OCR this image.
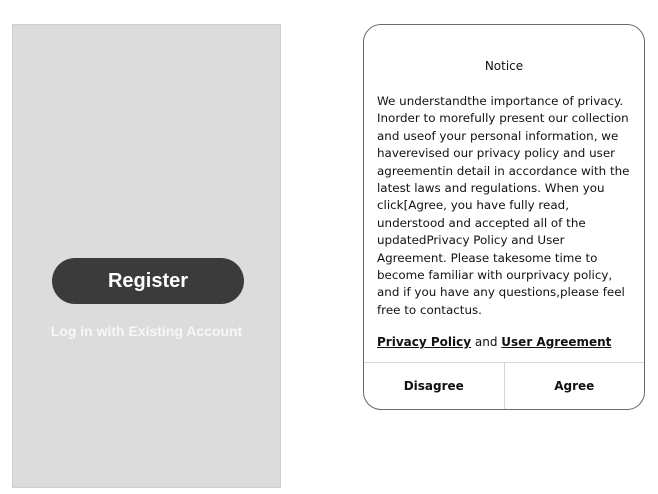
Register
Log in with Existing Account
Notice

We understandthe importance of privacy. Inorder to morefully present our collection and useof your personal information, we haverevised our privacy policy and user agreementin detail in accordance with the latest laws and regulations. When you click[Agree, you have fully read, understood and accepted all of the updatedPrivacy Policy and User Agreement. Please takesome time to become familiar with ourprivacy policy, and if you have any questions,please feel free to contactus.

Privacy Policy and User Agreement
Disagree	Agree
